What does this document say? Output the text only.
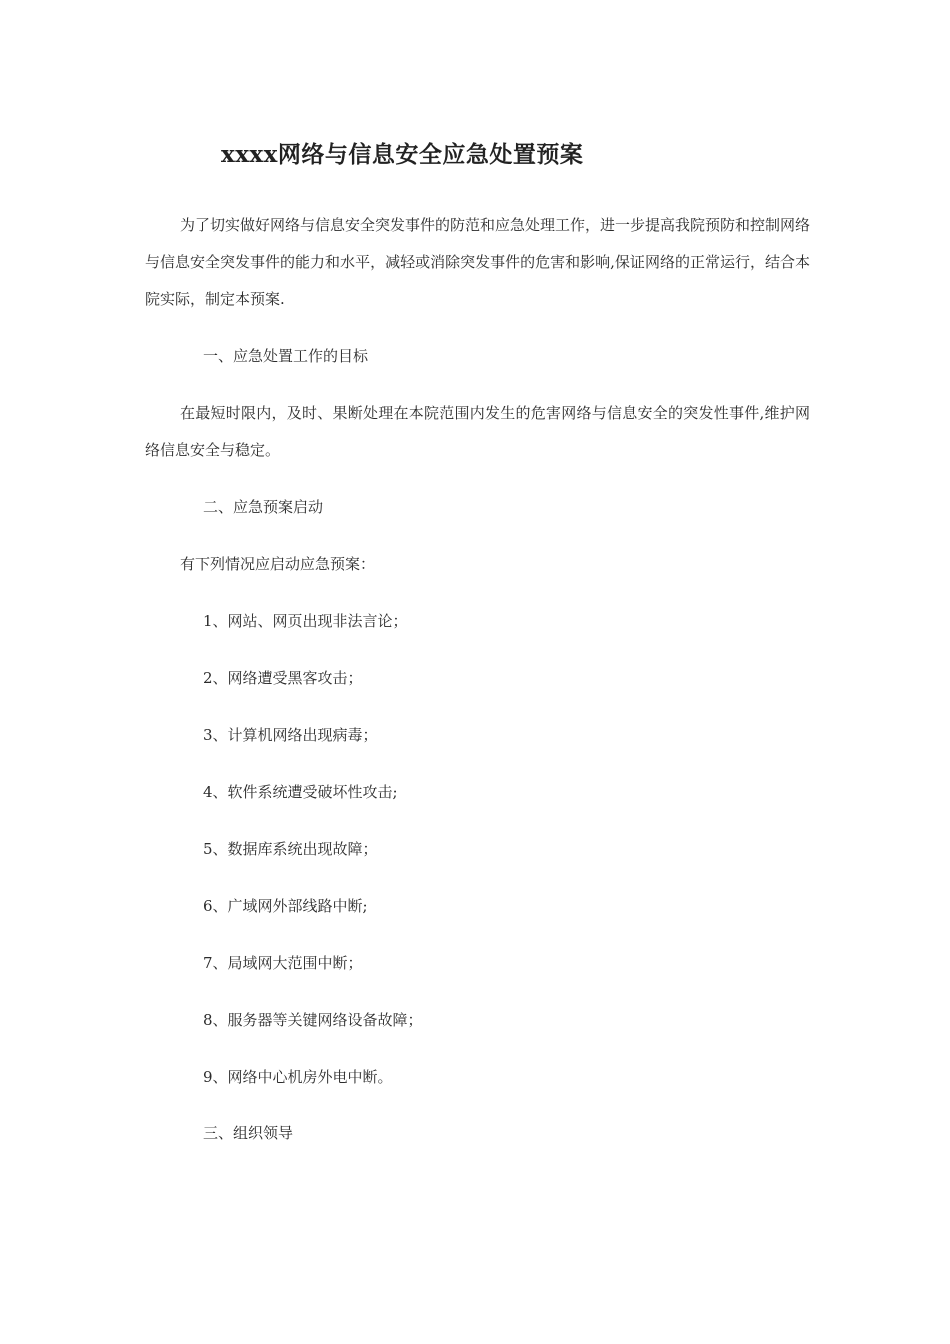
xxxx网络与信息安全应急处置预案

为了切实做好网络与信息安全突发事件的防范和应急处理工作，进一步提高我院预防和控制网络与信息安全突发事件的能力和水平，减轻或消除突发事件的危害和影响,保证网络的正常运行，结合本院实际，制定本预案.

一、应急处置工作的目标

在最短时限内，及时、果断处理在本院范围内发生的危害网络与信息安全的突发性事件,维护网络信息安全与稳定。

二、应急预案启动

有下列情况应启动应急预案：

1、网站、网页出现非法言论；

2、网络遭受黑客攻击；

3、计算机网络出现病毒；

4、软件系统遭受破坏性攻击;

5、数据库系统出现故障；

6、广域网外部线路中断;

7、局域网大范围中断；

8、服务器等关键网络设备故障；

9、网络中心机房外电中断。

三、组织领导
